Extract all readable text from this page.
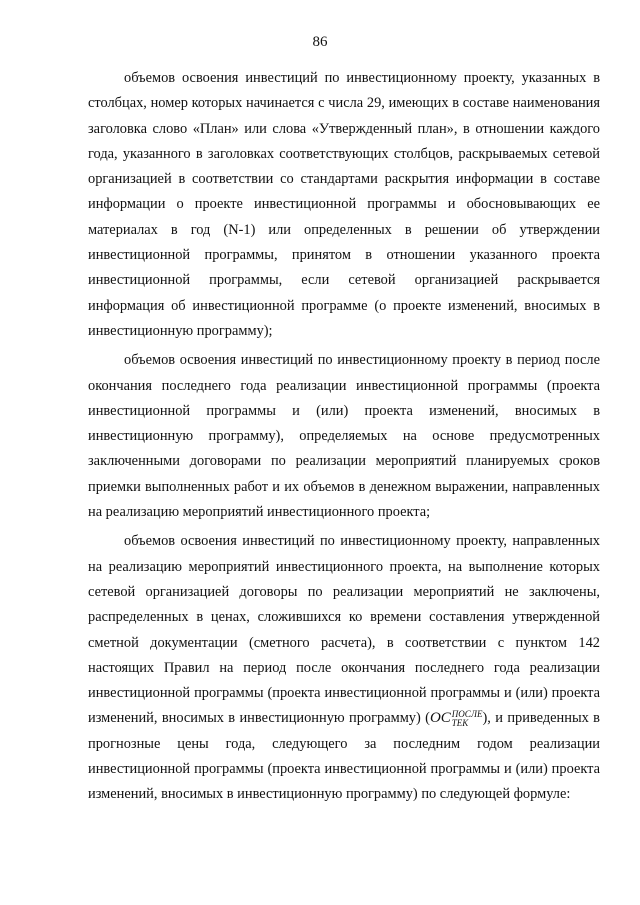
86

объемов освоения инвестиций по инвестиционному проекту, указанных в столбцах, номер которых начинается с числа 29, имеющих в составе наименования заголовка слово «План» или слова «Утвержденный план», в отношении каждого года, указанного в заголовках соответствующих столбцов, раскрываемых сетевой организацией в соответствии со стандартами раскрытия информации в составе информации о проекте инвестиционной программы и обосновывающих ее материалах в год (N-1) или определенных в решении об утверждении инвестиционной программы, принятом в отношении указанного проекта инвестиционной программы, если сетевой организацией раскрывается информация об инвестиционной программе (о проекте изменений, вносимых в инвестиционную программу);

объемов освоения инвестиций по инвестиционному проекту в период после окончания последнего года реализации инвестиционной программы (проекта инвестиционной программы и (или) проекта изменений, вносимых в инвестиционную программу), определяемых на основе предусмотренных заключенными договорами по реализации мероприятий планируемых сроков приемки выполненных работ и их объемов в денежном выражении, направленных на реализацию мероприятий инвестиционного проекта;

объемов освоения инвестиций по инвестиционному проекту, направленных на реализацию мероприятий инвестиционного проекта, на выполнение которых сетевой организацией договоры по реализации мероприятий не заключены, распределенных в ценах, сложившихся ко времени составления утвержденной сметной документации (сметного расчета), в соответствии с пунктом 142 настоящих Правил на период после окончания последнего года реализации инвестиционной программы (проекта инвестиционной программы и (или) проекта изменений, вносимых в инвестиционную программу) (ОС ПОСЛЕ
ТЕК ), и приведенных в прогнозные цены года, следующего за последним годом реализации инвестиционной программы (проекта инвестиционной программы и (или) проекта изменений, вносимых в инвестиционную программу) по следующей формуле:
